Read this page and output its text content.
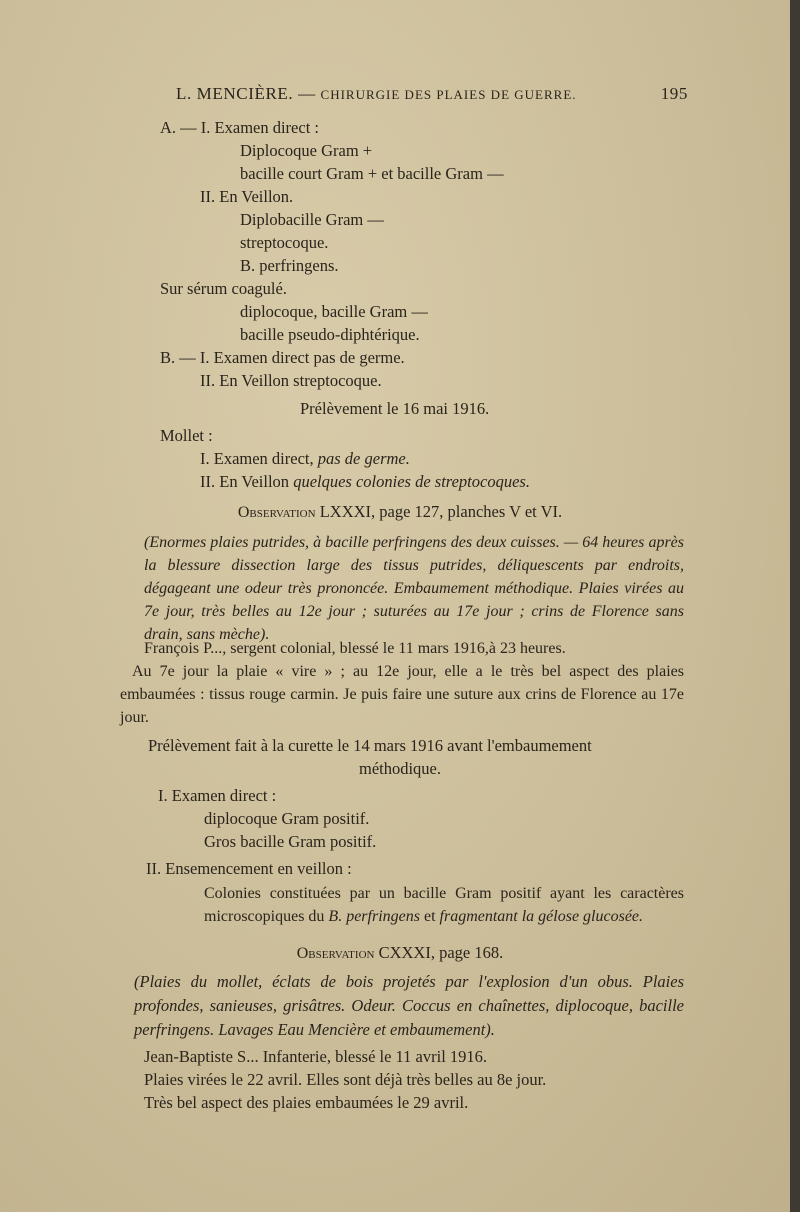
L. MENCIÈRE. — CHIRURGIE DES PLAIES DE GUERRE.	195
A. — I. Examen direct :
Diplocoque Gram +
bacille court Gram + et bacille Gram —
II. En Veillon.
Diplobacille Gram —
streptocoque.
B. perfringens.
Sur sérum coagulé.
diplocoque, bacille Gram —
bacille pseudo-diphtérique.
B. — I. Examen direct pas de germe.
II. En Veillon streptocoque.
Prélèvement le 16 mai 1916.
Mollet :
I. Examen direct, pas de germe.
II. En Veillon quelques colonies de streptocoques.
Observation LXXXI, page 127, planches V et VI.
(Enormes plaies putrides, à bacille perfringens des deux cuisses. — 64 heures après la blessure dissection large des tissus putrides, déliquescents par endroits, dégageant une odeur très prononcée. Embaumement méthodique. Plaies virées au 7e jour, très belles au 12e jour ; suturées au 17e jour ; crins de Florence sans drain, sans mèche).
François P..., sergent colonial, blessé le 11 mars 1916,à 23 heures.
Au 7e jour la plaie « vire » ; au 12e jour, elle a le très bel aspect des plaies embaumées : tissus rouge carmin. Je puis faire une suture aux crins de Florence au 17e jour.
Prélèvement fait à la curette le 14 mars 1916 avant l'embaumement
méthodique.
I. Examen direct :
diplocoque Gram positif.
Gros bacille Gram positif.
II. Ensemencement en veillon :
Colonies constituées par un bacille Gram positif ayant les caractères microscopiques du B. perfringens et fragmentant la gélose glucosée.
Observation CXXXI, page 168.
(Plaies du mollet, éclats de bois projetés par l'explosion d'un obus. Plaies profondes, sanieuses, grisâtres. Odeur. Coccus en chaînettes, diplocoque, bacille perfringens. Lavages Eau Mencière et embaumement).
Jean-Baptiste S... Infanterie, blessé le 11 avril 1916.
Plaies virées le 22 avril. Elles sont déjà très belles au 8e jour.
Très bel aspect des plaies embaumées le 29 avril.
